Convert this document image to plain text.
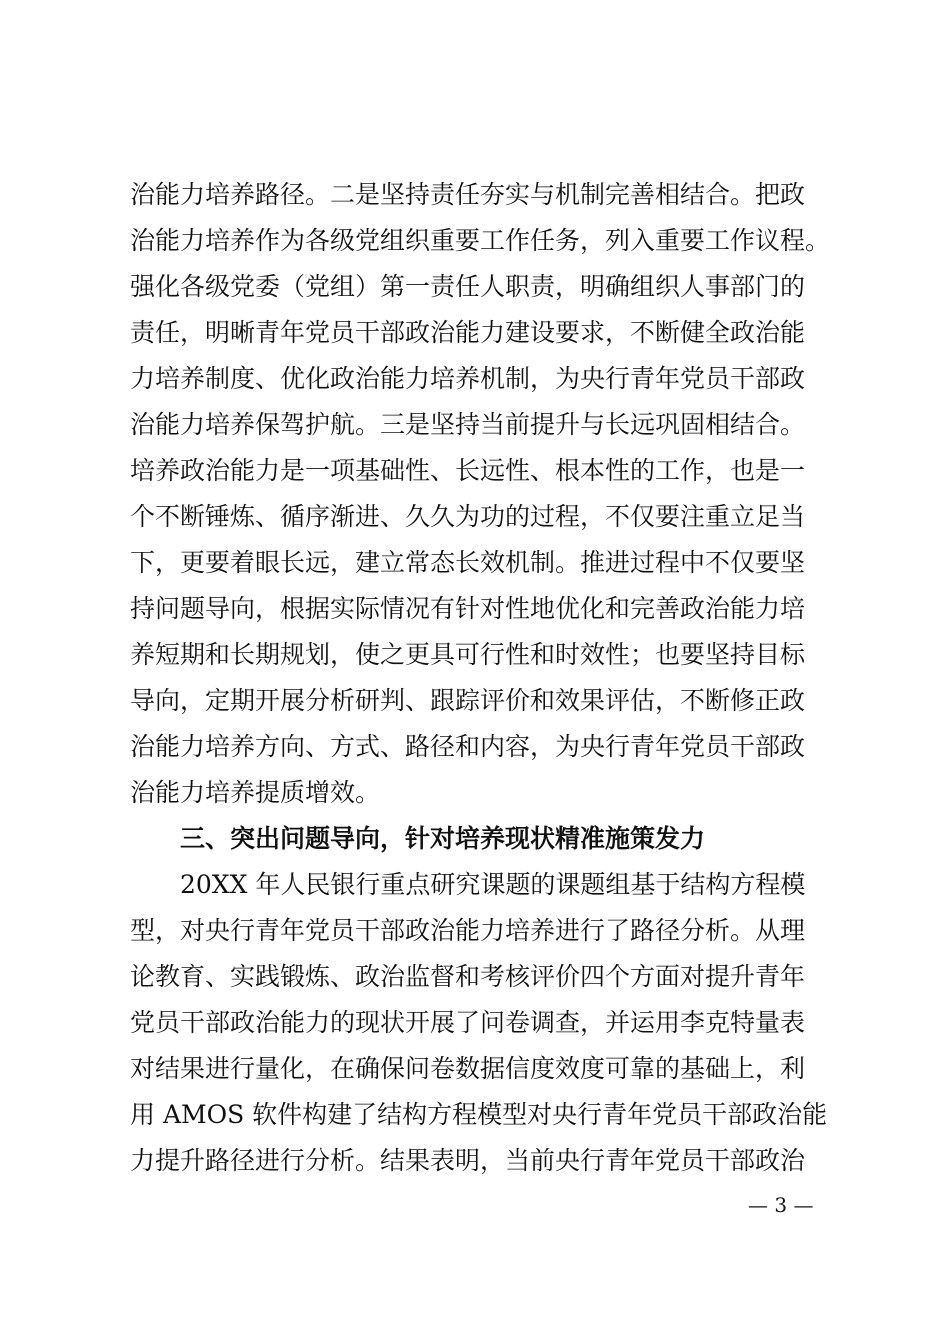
治能力培养路径。二是坚持责任夯实与机制完善相结合。把政
治能力培养作为各级党组织重要工作任务，列入重要工作议程。
强化各级党委（党组）第一责任人职责，明确组织人事部门的
责任，明晰青年党员干部政治能力建设要求，不断健全政治能
力培养制度、优化政治能力培养机制，为央行青年党员干部政
治能力培养保驾护航。三是坚持当前提升与长远巩固相结合。
培养政治能力是一项基础性、长远性、根本性的工作，也是一
个不断锤炼、循序渐进、久久为功的过程，不仅要注重立足当
下，更要着眼长远，建立常态长效机制。推进过程中不仅要坚
持问题导向，根据实际情况有针对性地优化和完善政治能力培
养短期和长期规划，使之更具可行性和时效性；也要坚持目标
导向，定期开展分析研判、跟踪评价和效果评估，不断修正政
治能力培养方向、方式、路径和内容，为央行青年党员干部政
治能力培养提质增效。
三、突出问题导向，针对培养现状精准施策发力
20XX 年人民银行重点研究课题的课题组基于结构方程模
型，对央行青年党员干部政治能力培养进行了路径分析。从理
论教育、实践锻炼、政治监督和考核评价四个方面对提升青年
党员干部政治能力的现状开展了问卷调查，并运用李克特量表
对结果进行量化，在确保问卷数据信度效度可靠的基础上，利
用 AMOS 软件构建了结构方程模型对央行青年党员干部政治能
力提升路径进行分析。结果表明，当前央行青年党员干部政治
— 3 —
